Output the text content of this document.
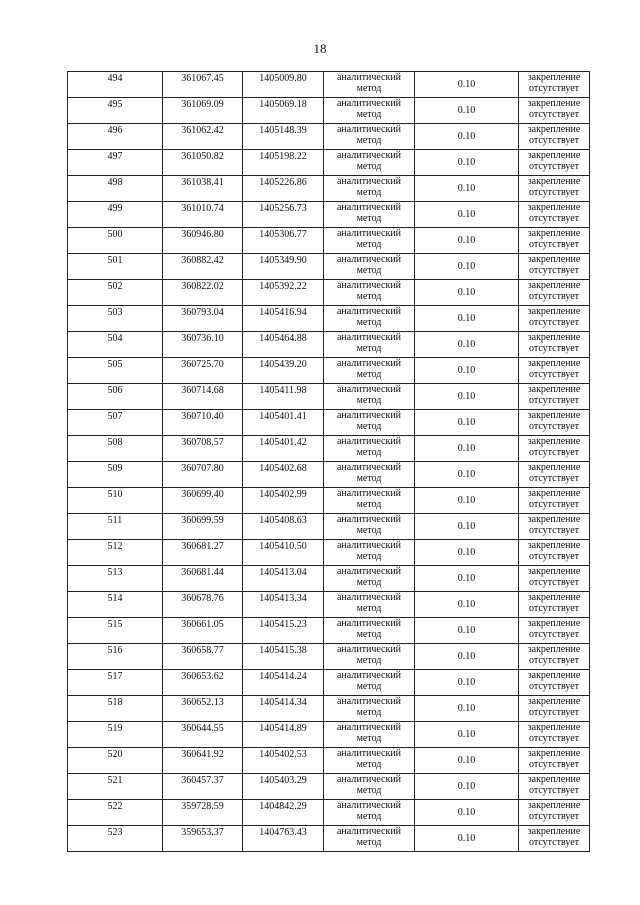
18
494	361067.45	1405009.80	аналитический
метод	0.10	закрепление
отсутствует

495	361069.09	1405069.18	аналитический
метод	0.10	закрепление
отсутствует

496	361062.42	1405148.39	аналитический
метод	0.10	закрепление
отсутствует

497	361050.82	1405198.22	аналитический
метод	0.10	закрепление
отсутствует

498	361038.41	1405226.86	аналитический
метод	0.10	закрепление
отсутствует

499	361010.74	1405256.73	аналитический
метод	0.10	закрепление
отсутствует

500	360946.80	1405306.77	аналитический
метод	0.10	закрепление
отсутствует

501	360882.42	1405349.90	аналитический
метод	0.10	закрепление
отсутствует

502	360822.02	1405392.22	аналитический
метод	0.10	закрепление
отсутствует

503	360793.04	1405416.94	аналитический
метод	0.10	закрепление
отсутствует

504	360736.10	1405464.88	аналитический
метод	0.10	закрепление
отсутствует

505	360725.70	1405439.20	аналитический
метод	0.10	закрепление
отсутствует

506	360714.68	1405411.98	аналитический
метод	0.10	закрепление
отсутствует

507	360710.40	1405401.41	аналитический
метод	0.10	закрепление
отсутствует

508	360708.57	1405401.42	аналитический
метод	0.10	закрепление
отсутствует

509	360707.80	1405402.68	аналитический
метод	0.10	закрепление
отсутствует

510	360699.40	1405402.99	аналитический
метод	0.10	закрепление
отсутствует

511	360699.59	1405408.63	аналитический
метод	0.10	закрепление
отсутствует

512	360681.27	1405410.50	аналитический
метод	0.10	закрепление
отсутствует

513	360681.44	1405413.04	аналитический
метод	0.10	закрепление
отсутствует

514	360678.76	1405413.34	аналитический
метод	0.10	закрепление
отсутствует

515	360661.05	1405415.23	аналитический
метод	0.10	закрепление
отсутствует

516	360658.77	1405415.38	аналитический
метод	0.10	закрепление
отсутствует

517	360653.62	1405414.24	аналитический
метод	0.10	закрепление
отсутствует

518	360652.13	1405414.34	аналитический
метод	0.10	закрепление
отсутствует

519	360644.55	1405414.89	аналитический
метод	0.10	закрепление
отсутствует

520	360641.92	1405402.53	аналитический
метод	0.10	закрепление
отсутствует

521	360457.37	1405403.29	аналитический
метод	0.10	закрепление
отсутствует

522	359728.59	1404842.29	аналитический
метод	0.10	закрепление
отсутствует

523	359653.37	1404763.43	аналитический
метод	0.10	закрепление
отсутствует
